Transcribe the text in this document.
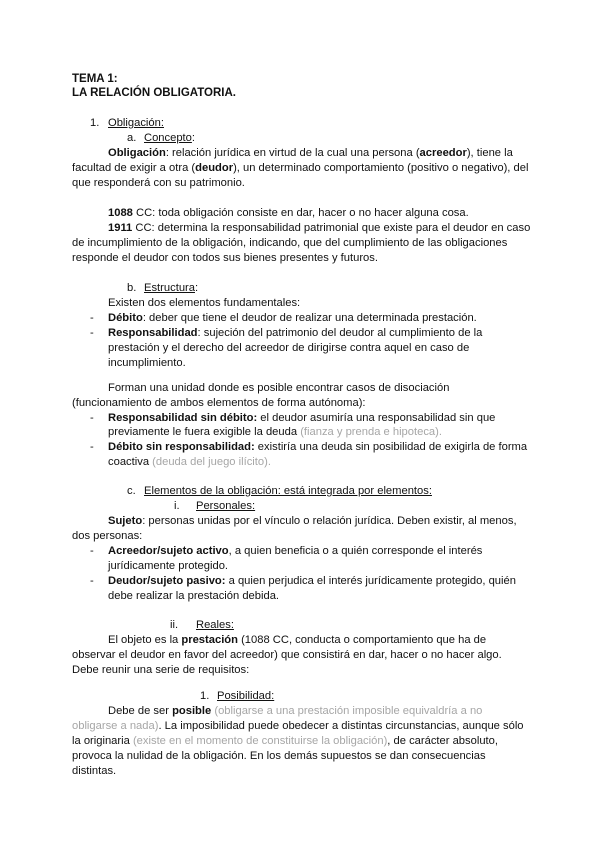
TEMA 1:
LA RELACIÓN OBLIGATORIA.
1. Obligación:
a. Concepto:
Obligación: relación jurídica en virtud de la cual una persona (acreedor), tiene la
facultad de exigir a otra (deudor), un determinado comportamiento (positivo o negativo), del
que responderá con su patrimonio.
1088 CC: toda obligación consiste en dar, hacer o no hacer alguna cosa.
1911 CC: determina la responsabilidad patrimonial que existe para el deudor en caso
de incumplimiento de la obligación, indicando, que del cumplimiento de las obligaciones
responde el deudor con todos sus bienes presentes y futuros.
b. Estructura:
Existen dos elementos fundamentales:
- Débito: deber que tiene el deudor de realizar una determinada prestación.
- Responsabilidad: sujeción del patrimonio del deudor al cumplimiento de la
prestación y el derecho del acreedor de dirigirse contra aquel en caso de
incumplimiento.
Forman una unidad donde es posible encontrar casos de disociación
(funcionamiento de ambos elementos de forma autónoma):
- Responsabilidad sin débito: el deudor asumiría una responsabilidad sin que
previamente le fuera exigible la deuda (fianza y prenda e hipoteca).
- Débito sin responsabilidad: existiría una deuda sin posibilidad de exigirla de forma
coactiva (deuda del juego ilícito).
c. Elementos de la obligación: está integrada por elementos:
i. Personales:
Sujeto: personas unidas por el vínculo o relación jurídica. Deben existir, al menos,
dos personas:
- Acreedor/sujeto activo, a quien beneficia o a quién corresponde el interés
jurídicamente protegido.
- Deudor/sujeto pasivo: a quien perjudica el interés jurídicamente protegido, quién
debe realizar la prestación debida.
ii. Reales:
El objeto es la prestación (1088 CC, conducta o comportamiento que ha de
observar el deudor en favor del acreedor) que consistirá en dar, hacer o no hacer algo.
Debe reunir una serie de requisitos:
1. Posibilidad:
Debe de ser posible (obligarse a una prestación imposible equivaldría a no
obligarse a nada). La imposibilidad puede obedecer a distintas circunstancias, aunque sólo
la originaria (existe en el momento de constituirse la obligación), de carácter absoluto,
provoca la nulidad de la obligación. En los demás supuestos se dan consecuencias
distintas.
